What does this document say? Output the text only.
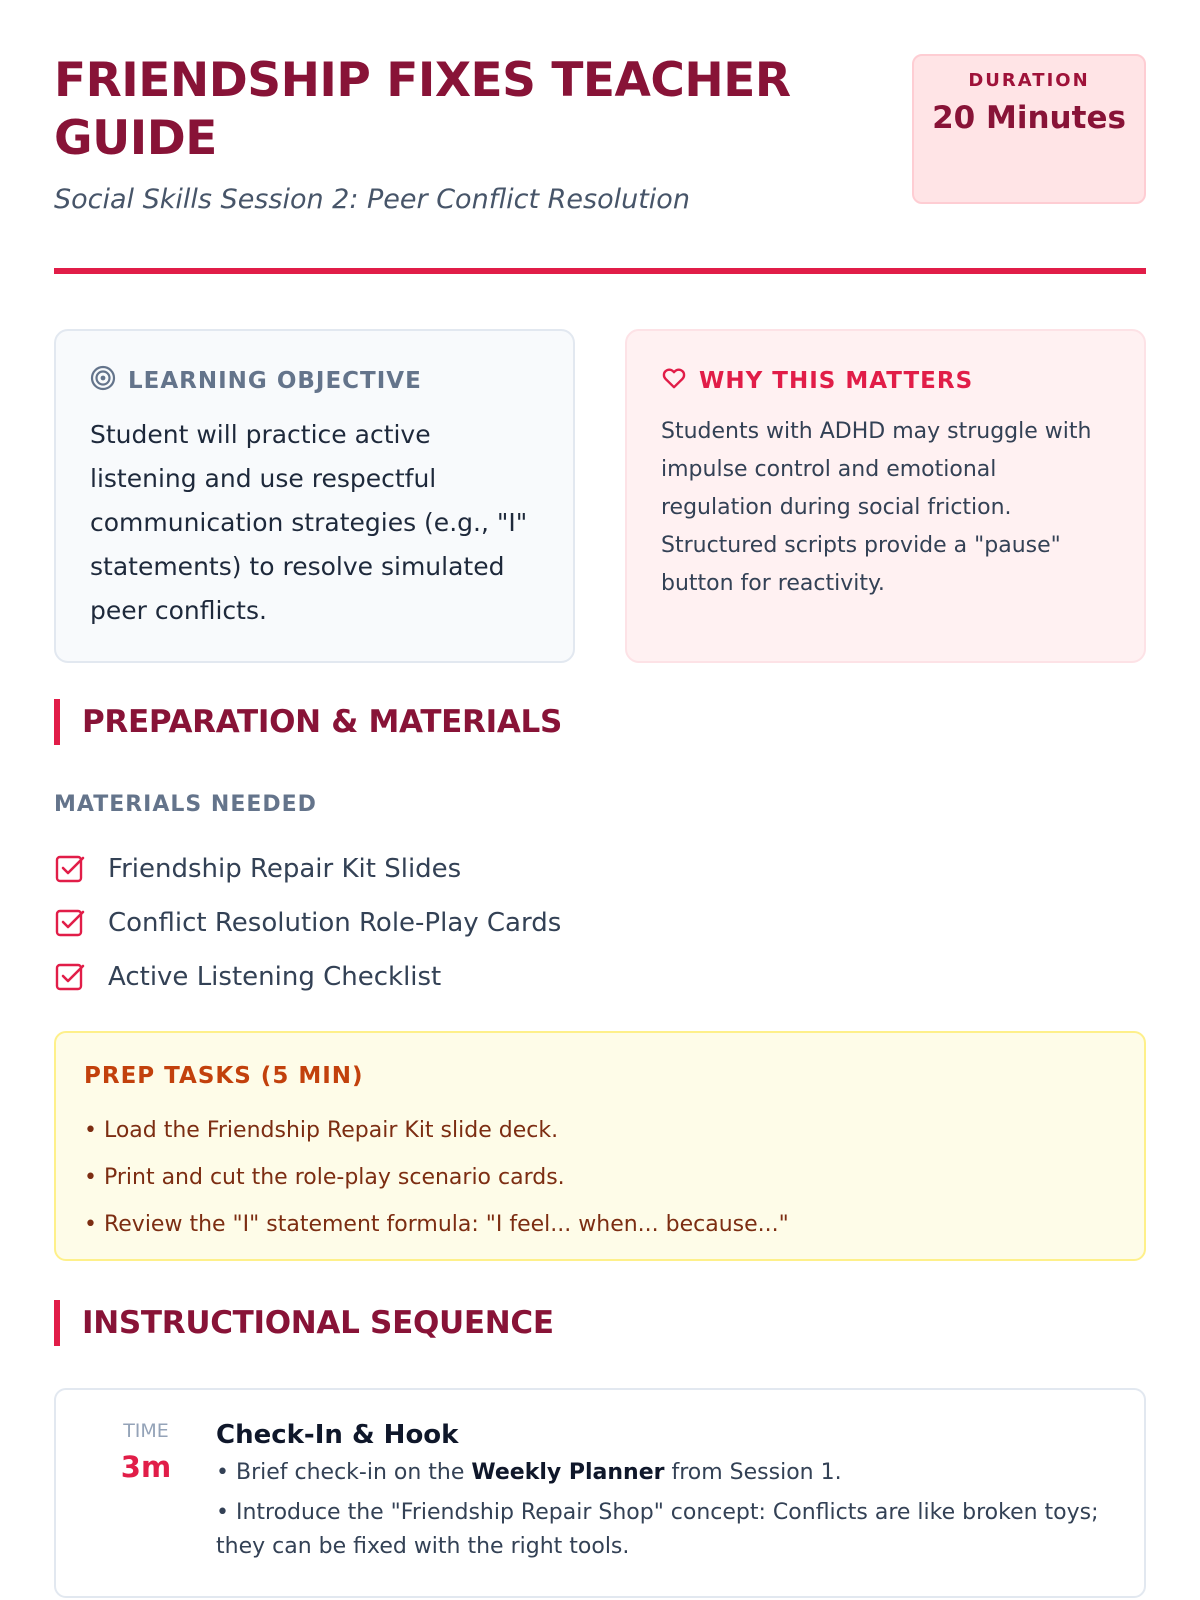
FRIENDSHIP FIXES TEACHER GUIDE
Social Skills Session 2: Peer Conflict Resolution
DURATION
20 Minutes
LEARNING OBJECTIVE
Student will practice active listening and use respectful communication strategies (e.g., "I" statements) to resolve simulated peer conflicts.
WHY THIS MATTERS
Students with ADHD may struggle with impulse control and emotional regulation during social friction. Structured scripts provide a "pause" button for reactivity.
PREPARATION & MATERIALS
MATERIALS NEEDED
Friendship Repair Kit Slides
Conflict Resolution Role-Play Cards
Active Listening Checklist
PREP TASKS (5 MIN)
• Load the Friendship Repair Kit slide deck.
• Print and cut the role-play scenario cards.
• Review the "I" statement formula: "I feel... when... because..."
INSTRUCTIONAL SEQUENCE
TIME
3m
Check-In & Hook
• Brief check-in on the Weekly Planner from Session 1.
• Introduce the "Friendship Repair Shop" concept: Conflicts are like broken toys; they can be fixed with the right tools.
